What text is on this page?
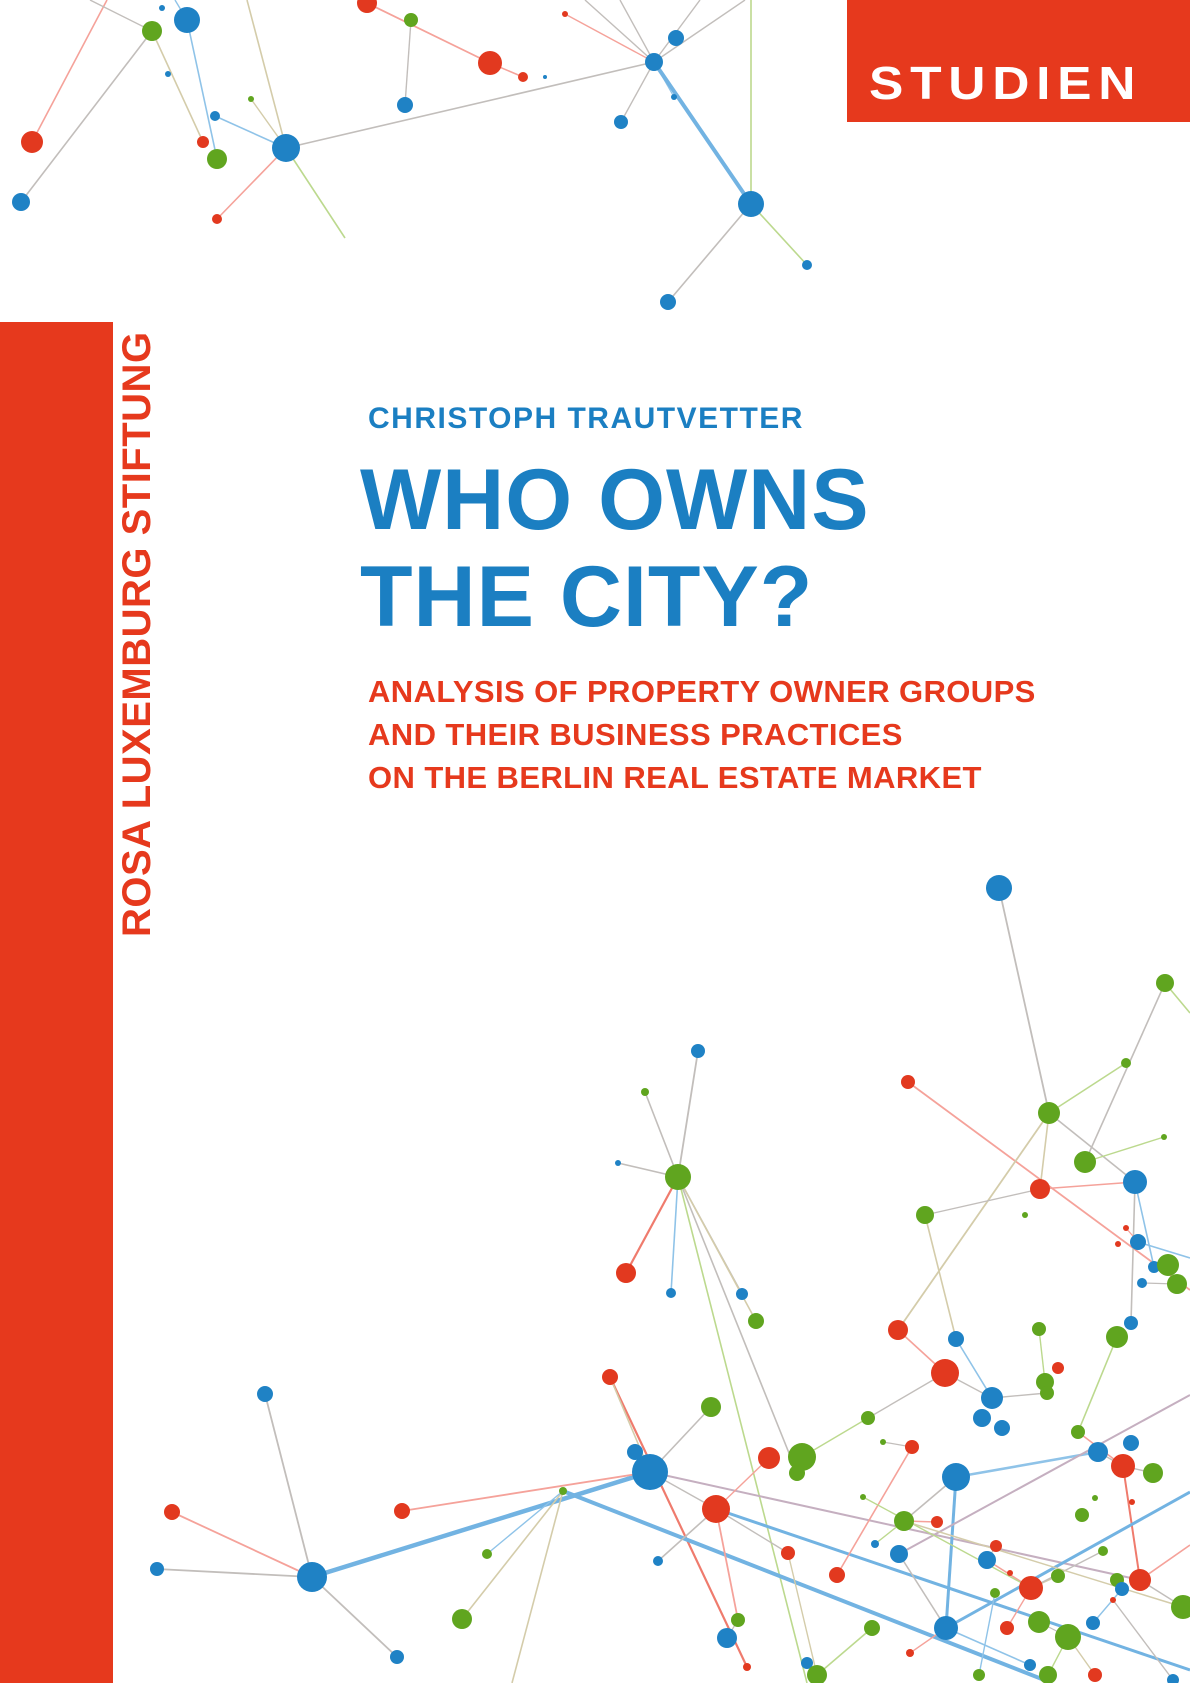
STUDIEN
ROSA LUXEMBURG STIFTUNG	CHRISTOPH TRAUTVETTER
WHO OWNS
THE CITY?
ANALYSIS OF PROPERTY OWNER GROUPS
AND THEIR BUSINESS PRACTICES
ON THE BERLIN REAL ESTATE MARKET
